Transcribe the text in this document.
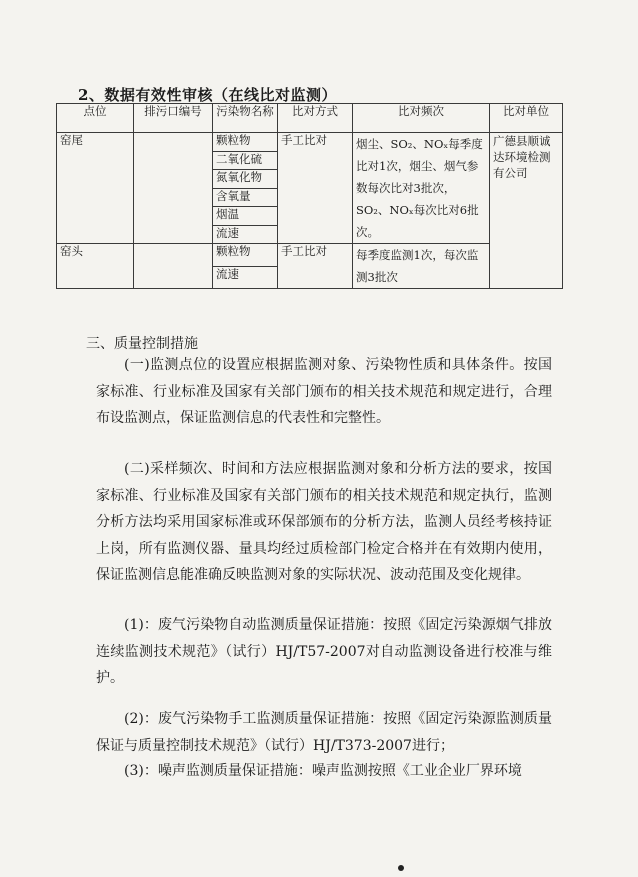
2、数据有效性审核（在线比对监测）
点位	排污口编号	污染物名称	比对方式	比对频次	比对单位
窑尾		颗粒物	手工比对	烟尘、SO₂、NOₓ每季度比对1次，烟尘、烟气参数每次比对3批次，SO₂、NOₓ每次比对6批次。	广德县顺诚达环境检测有公司
		二氧化硫			
		氮氧化物			
		含氧量			
		烟温			
		流速			
窑头		颗粒物	手工比对	每季度监测1次，每次监测3批次	
		流速			
三、质量控制措施

(一)监测点位的设置应根据监测对象、污染物性质和具体条件。按国家标准、行业标准及国家有关部门颁布的相关技术规范和规定进行，合理布设监测点，保证监测信息的代表性和完整性。

(二)采样频次、时间和方法应根据监测对象和分析方法的要求，按国家标准、行业标准及国家有关部门颁布的相关技术规范和规定执行，监测分析方法均采用国家标准或环保部颁布的分析方法，监测人员经考核持证上岗，所有监测仪器、量具均经过质检部门检定合格并在有效期内使用，保证监测信息能准确反映监测对象的实际状况、波动范围及变化规律。

(1)：废气污染物自动监测质量保证措施：按照《固定污染源烟气排放连续监测技术规范》（试行）HJ/T57-2007对自动监测设备进行校准与维护。

(2)：废气污染物手工监测质量保证措施：按照《固定污染源监测质量保证与质量控制技术规范》（试行）HJ/T373-2007进行；

(3)：噪声监测质量保证措施：噪声监测按照《工业企业厂界环境
